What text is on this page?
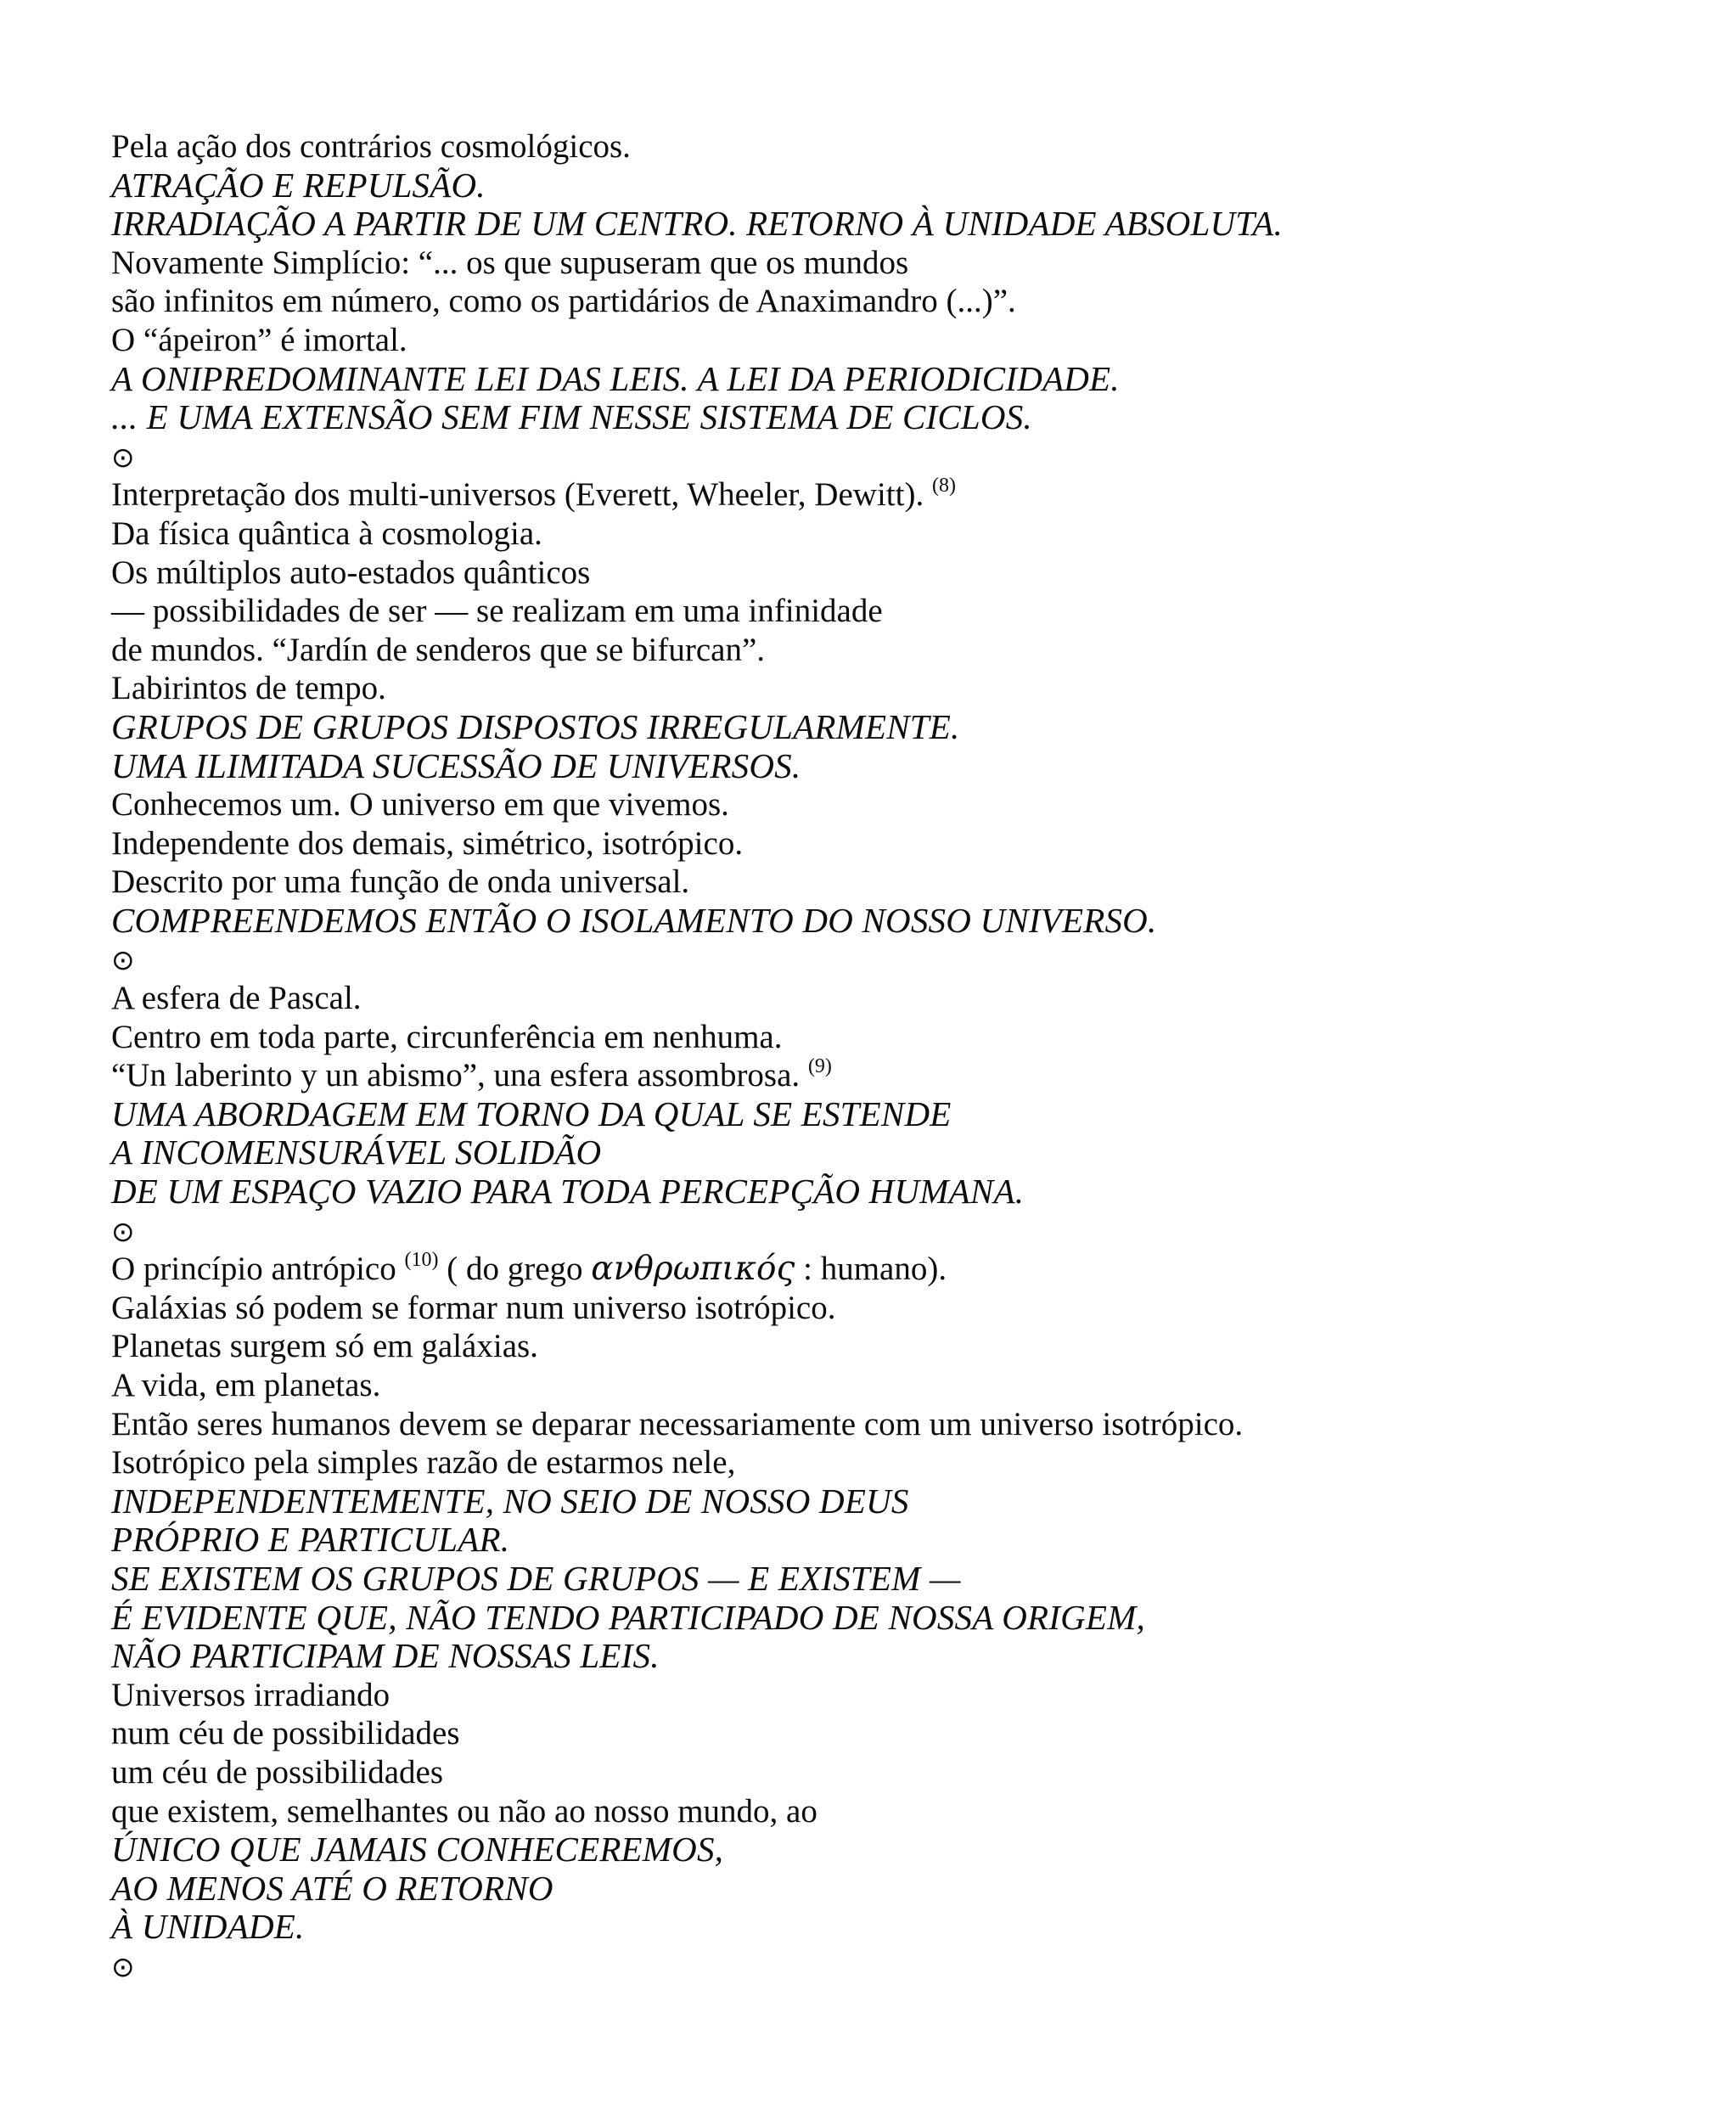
Pela ação dos contrários cosmológicos.
ATRAÇÃO E REPULSÃO.
IRRADIAÇÃO A PARTIR DE UM CENTRO. RETORNO À UNIDADE ABSOLUTA.
Novamente Simplício: “... os que supuseram que os mundos
são infinitos em número, como os partidários de Anaximandro (...)”.
O “ápeiron” é imortal.
A ONIPREDOMINANTE LEI DAS LEIS. A LEI DA PERIODICIDADE.
... E UMA EXTENSÃO SEM FIM NESSE SISTEMA DE CICLOS.
⊙
Interpretação dos multi-universos (Everett, Wheeler, Dewitt). $^{(8)}$
Da física quântica à cosmologia.
Os múltiplos auto-estados quânticos
— possibilidades de ser — se realizam em uma infinidade
de mundos. “Jardín de senderos que se bifurcan”.
Labirintos de tempo.
GRUPOS DE GRUPOS DISPOSTOS IRREGULARMENTE.
UMA ILIMITADA SUCESSÃO DE UNIVERSOS.
Conhecemos um. O universo em que vivemos.
Independente dos demais, simétrico, isotrópico.
Descrito por uma função de onda universal.
COMPREENDEMOS ENTÃO O ISOLAMENTO DO NOSSO UNIVERSO.
⊙
A esfera de Pascal.
Centro em toda parte, circunferência em nenhuma.
“Un laberinto y un abismo”, una esfera assombrosa. $^{(9)}$
UMA ABORDAGEM EM TORNO DA QUAL SE ESTENDE
A INCOMENSURÁVEL SOLIDÃO
DE UM ESPAÇO VAZIO PARA TODA PERCEPÇÃO HUMANA.
⊙
O princípio antrópico $^{(10)}$ ( do grego ανθρωπικός : humano).
Galáxias só podem se formar num universo isotrópico.
Planetas surgem só em galáxias.
A vida, em planetas.
Então seres humanos devem se deparar necessariamente com um universo isotrópico.
Isotrópico pela simples razão de estarmos nele,
INDEPENDENTEMENTE, NO SEIO DE NOSSO DEUS
PRÓPRIO E PARTICULAR.
SE EXISTEM OS GRUPOS DE GRUPOS — E EXISTEM —
É EVIDENTE QUE, NÃO TENDO PARTICIPADO DE NOSSA ORIGEM,
NÃO PARTICIPAM DE NOSSAS LEIS.
Universos irradiando
num céu de possibilidades
um céu de possibilidades
que existem, semelhantes ou não ao nosso mundo, ao
ÚNICO QUE JAMAIS CONHECEREMOS,
AO MENOS ATÉ O RETORNO
À UNIDADE.
⊙
